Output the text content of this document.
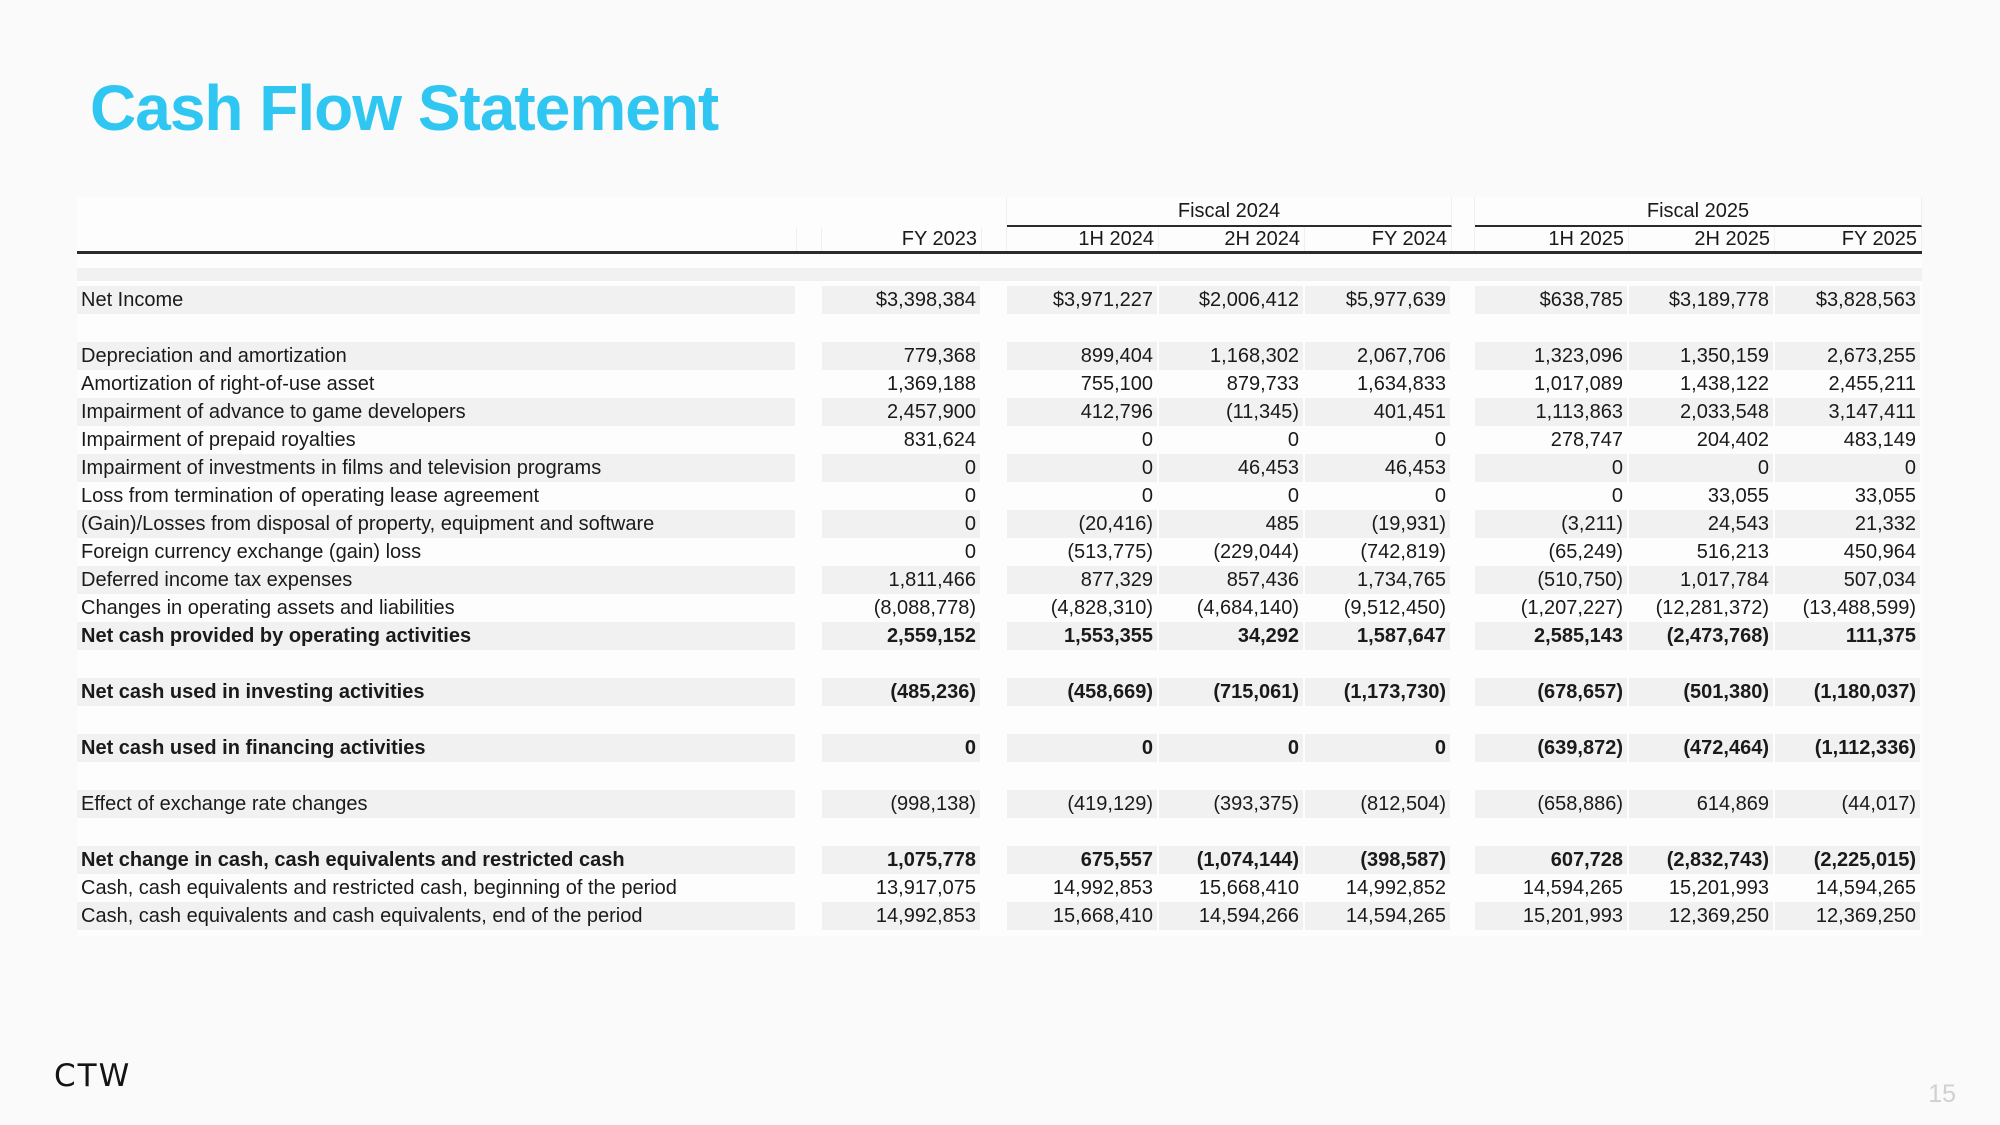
Cash Flow Statement
Fiscal 2024	Fiscal 2025
FY 2023	1H 2024	2H 2024	FY 2024	1H 2025	2H 2025	FY 2025
Net Income	$3,398,384	$3,971,227	$2,006,412	$5,977,639	$638,785	$3,189,778	$3,828,563
Depreciation and amortization	779,368	899,404	1,168,302	2,067,706	1,323,096	1,350,159	2,673,255
Amortization of right-of-use asset	1,369,188	755,100	879,733	1,634,833	1,017,089	1,438,122	2,455,211
Impairment of advance to game developers	2,457,900	412,796	(11,345)	401,451	1,113,863	2,033,548	3,147,411
Impairment of prepaid royalties	831,624	0	0	0	278,747	204,402	483,149
Impairment of investments in films and television programs	0	0	46,453	46,453	0	0	0
Loss from termination of operating lease agreement	0	0	0	0	0	33,055	33,055
(Gain)/Losses from disposal of property, equipment and software	0	(20,416)	485	(19,931)	(3,211)	24,543	21,332
Foreign currency exchange (gain) loss	0	(513,775)	(229,044)	(742,819)	(65,249)	516,213	450,964
Deferred income tax expenses	1,811,466	877,329	857,436	1,734,765	(510,750)	1,017,784	507,034
Changes in operating assets and liabilities	(8,088,778)	(4,828,310)	(4,684,140)	(9,512,450)	(1,207,227)	(12,281,372)	(13,488,599)
Net cash provided by operating activities	2,559,152	1,553,355	34,292	1,587,647	2,585,143	(2,473,768)	111,375
Net cash used in investing activities	(485,236)	(458,669)	(715,061)	(1,173,730)	(678,657)	(501,380)	(1,180,037)
Net cash used in financing activities	0	0	0	0	(639,872)	(472,464)	(1,112,336)
Effect of exchange rate changes	(998,138)	(419,129)	(393,375)	(812,504)	(658,886)	614,869	(44,017)
Net change in cash, cash equivalents and restricted cash	1,075,778	675,557	(1,074,144)	(398,587)	607,728	(2,832,743)	(2,225,015)
Cash, cash equivalents and restricted cash, beginning of the period	13,917,075	14,992,853	15,668,410	14,992,852	14,594,265	15,201,993	14,594,265
Cash, cash equivalents and cash equivalents, end of the period	14,992,853	15,668,410	14,594,266	14,594,265	15,201,993	12,369,250	12,369,250
CTW	15
